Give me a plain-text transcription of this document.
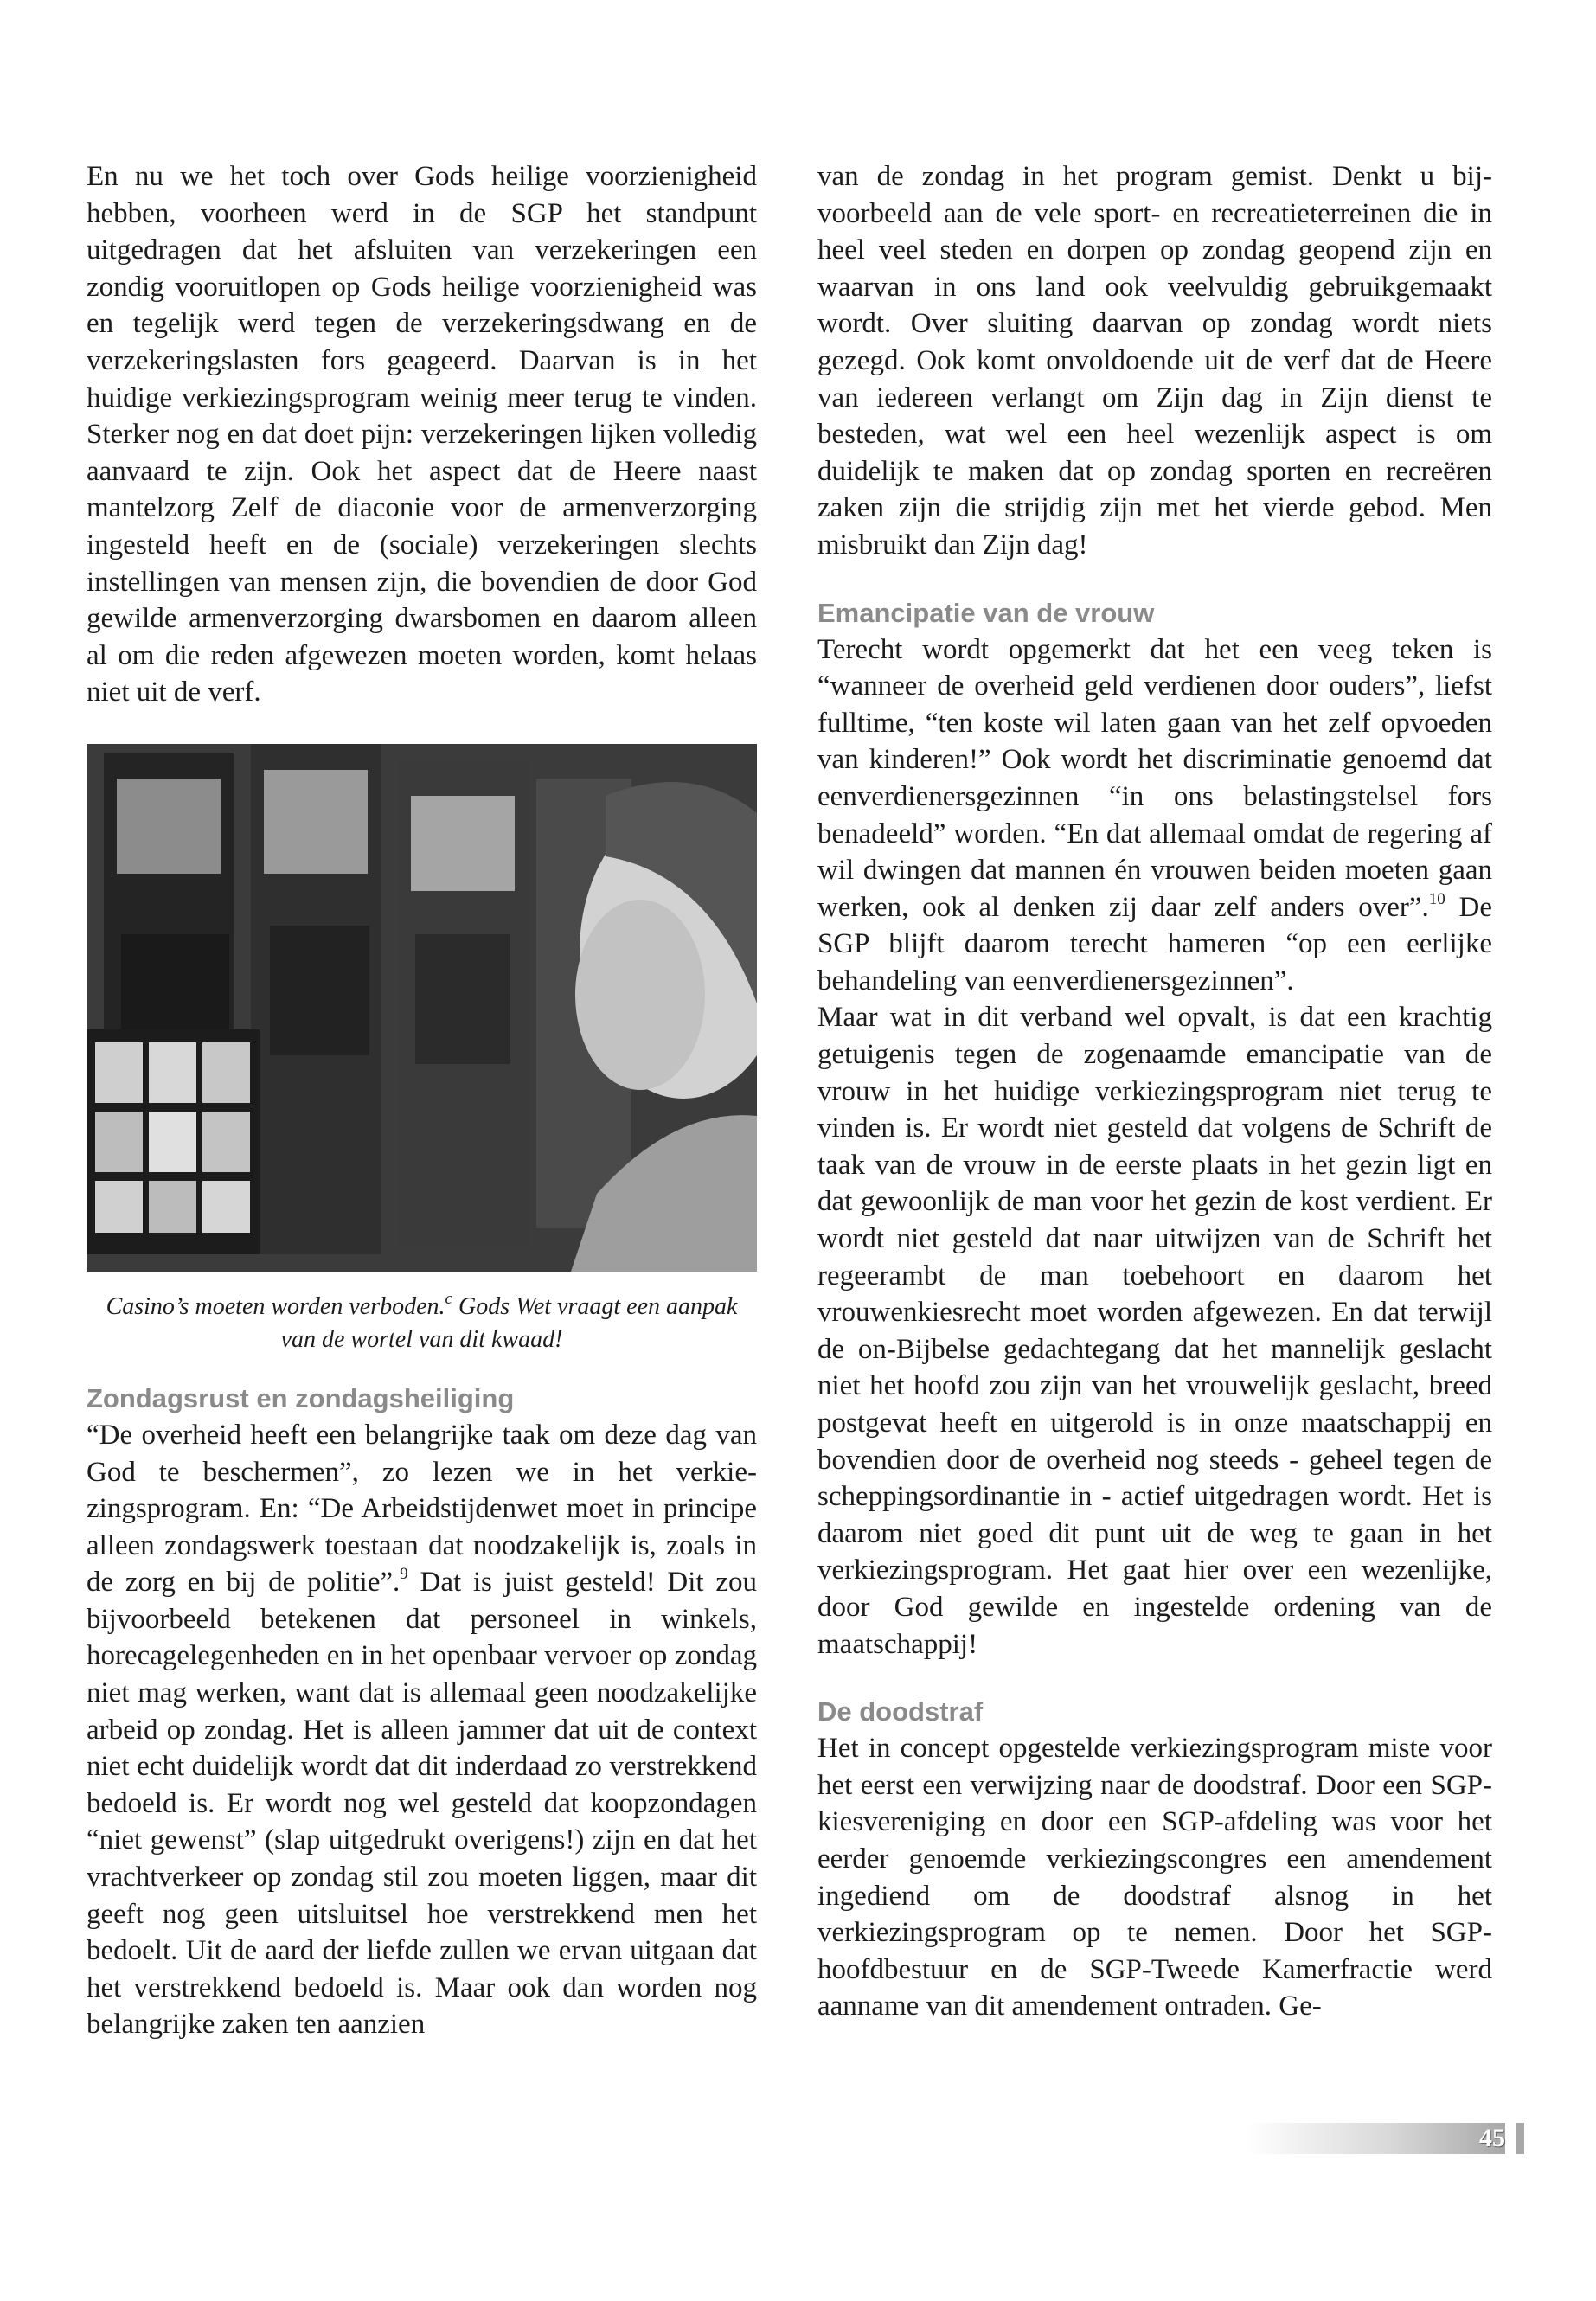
En nu we het toch over Gods heilige voorzienigheid hebben, voorheen werd in de SGP het standpunt uitgedragen dat het afsluiten van verzekeringen een zondig vooruitlopen op Gods heilige voorzienigheid was en tegelijk werd tegen de verzekeringsdwang en de verzekeringslasten fors geageerd. Daarvan is in het huidige verkiezingsprogram weinig meer terug te vinden. Sterker nog en dat doet pijn: verzekeringen lijken volledig aanvaard te zijn. Ook het aspect dat de Heere naast mantelzorg Zelf de diaconie voor de armenverzorging ingesteld heeft en de (sociale) verzekeringen slechts instellingen van mensen zijn, die bovendien de door God gewilde armenverzorging dwarsbomen en daarom alleen al om die reden afgewezen moeten worden, komt helaas niet uit de verf.

Casino’s moeten worden verboden.$^c$ Gods Wet vraagt een aanpak van de wortel van dit kwaad!

Zondagsrust en zondagsheiliging

“De overheid heeft een belangrijke taak om deze dag van God te beschermen”, zo lezen we in het verkiezingsprogram. En: “De Arbeidstijdenwet moet in principe alleen zondagswerk toestaan dat noodzakelijk is, zoals in de zorg en bij de politie”.$^9$ Dat is juist gesteld! Dit zou bijvoorbeeld betekenen dat personeel in winkels, horecagelegenheden en in het openbaar vervoer op zondag niet mag werken, want dat is allemaal geen noodzakelijke arbeid op zondag. Het is alleen jammer dat uit de context niet echt duidelijk wordt dat dit inderdaad zo verstrekkend bedoeld is. Er wordt nog wel gesteld dat koopzondagen “niet gewenst” (slap uitgedrukt overigens!) zijn en dat het vrachtverkeer op zondag stil zou moeten liggen, maar dit geeft nog geen uitsluitsel hoe verstrekkend men het bedoelt. Uit de aard der liefde zullen we ervan uitgaan dat het verstrekkend bedoeld is. Maar ook dan worden nog belangrijke zaken ten aanzien

van de zondag in het program gemist. Denkt u bijvoorbeeld aan de vele sport- en recreatieterreinen die in heel veel steden en dorpen op zondag geopend zijn en waarvan in ons land ook veelvuldig gebruikgemaakt wordt. Over sluiting daarvan op zondag wordt niets gezegd. Ook komt onvoldoende uit de verf dat de Heere van iedereen verlangt om Zijn dag in Zijn dienst te besteden, wat wel een heel wezenlijk aspect is om duidelijk te maken dat op zondag sporten en recreëren zaken zijn die strijdig zijn met het vierde gebod. Men misbruikt dan Zijn dag!

Emancipatie van de vrouw

Terecht wordt opgemerkt dat het een veeg teken is “wanneer de overheid geld verdienen door ouders”, liefst fulltime, “ten koste wil laten gaan van het zelf opvoeden van kinderen!” Ook wordt het discriminatie genoemd dat eenverdienersgezinnen “in ons belastingstelsel fors benadeeld” worden. “En dat allemaal omdat de regering af wil dwingen dat mannen én vrouwen beiden moeten gaan werken, ook al denken zij daar zelf anders over”.$^{10}$ De SGP blijft daarom terecht hameren “op een eerlijke behandeling van eenverdienersgezinnen”.

Maar wat in dit verband wel opvalt, is dat een krachtig getuigenis tegen de zogenaamde emancipatie van de vrouw in het huidige verkiezingsprogram niet terug te vinden is. Er wordt niet gesteld dat volgens de Schrift de taak van de vrouw in de eerste plaats in het gezin ligt en dat gewoonlijk de man voor het gezin de kost verdient. Er wordt niet gesteld dat naar uitwijzen van de Schrift het regeerambt de man toebehoort en daarom het vrouwenkiesrecht moet worden afgewezen. En dat terwijl de on-Bijbelse gedachtegang dat het mannelijk geslacht niet het hoofd zou zijn van het vrouwelijk geslacht, breed postgevat heeft en uitgerold is in onze maatschappij en bovendien door de overheid nog steeds - geheel tegen de scheppingsordinantie in - actief uitgedragen wordt. Het is daarom niet goed dit punt uit de weg te gaan in het verkiezingsprogram. Het gaat hier over een wezenlijke, door God gewilde en ingestelde ordening van de maatschappij!

De doodstraf

Het in concept opgestelde verkiezingsprogram miste voor het eerst een verwijzing naar de doodstraf. Door een SGP-kiesvereniging en door een SGP-afdeling was voor het eerder genoemde verkiezingscongres een amendement ingediend om de doodstraf alsnog in het verkiezingsprogram op te nemen. Door het SGP-hoofdbestuur en de SGP-Tweede Kamerfractie werd aanname van dit amendement ontraden. Ge-

45
